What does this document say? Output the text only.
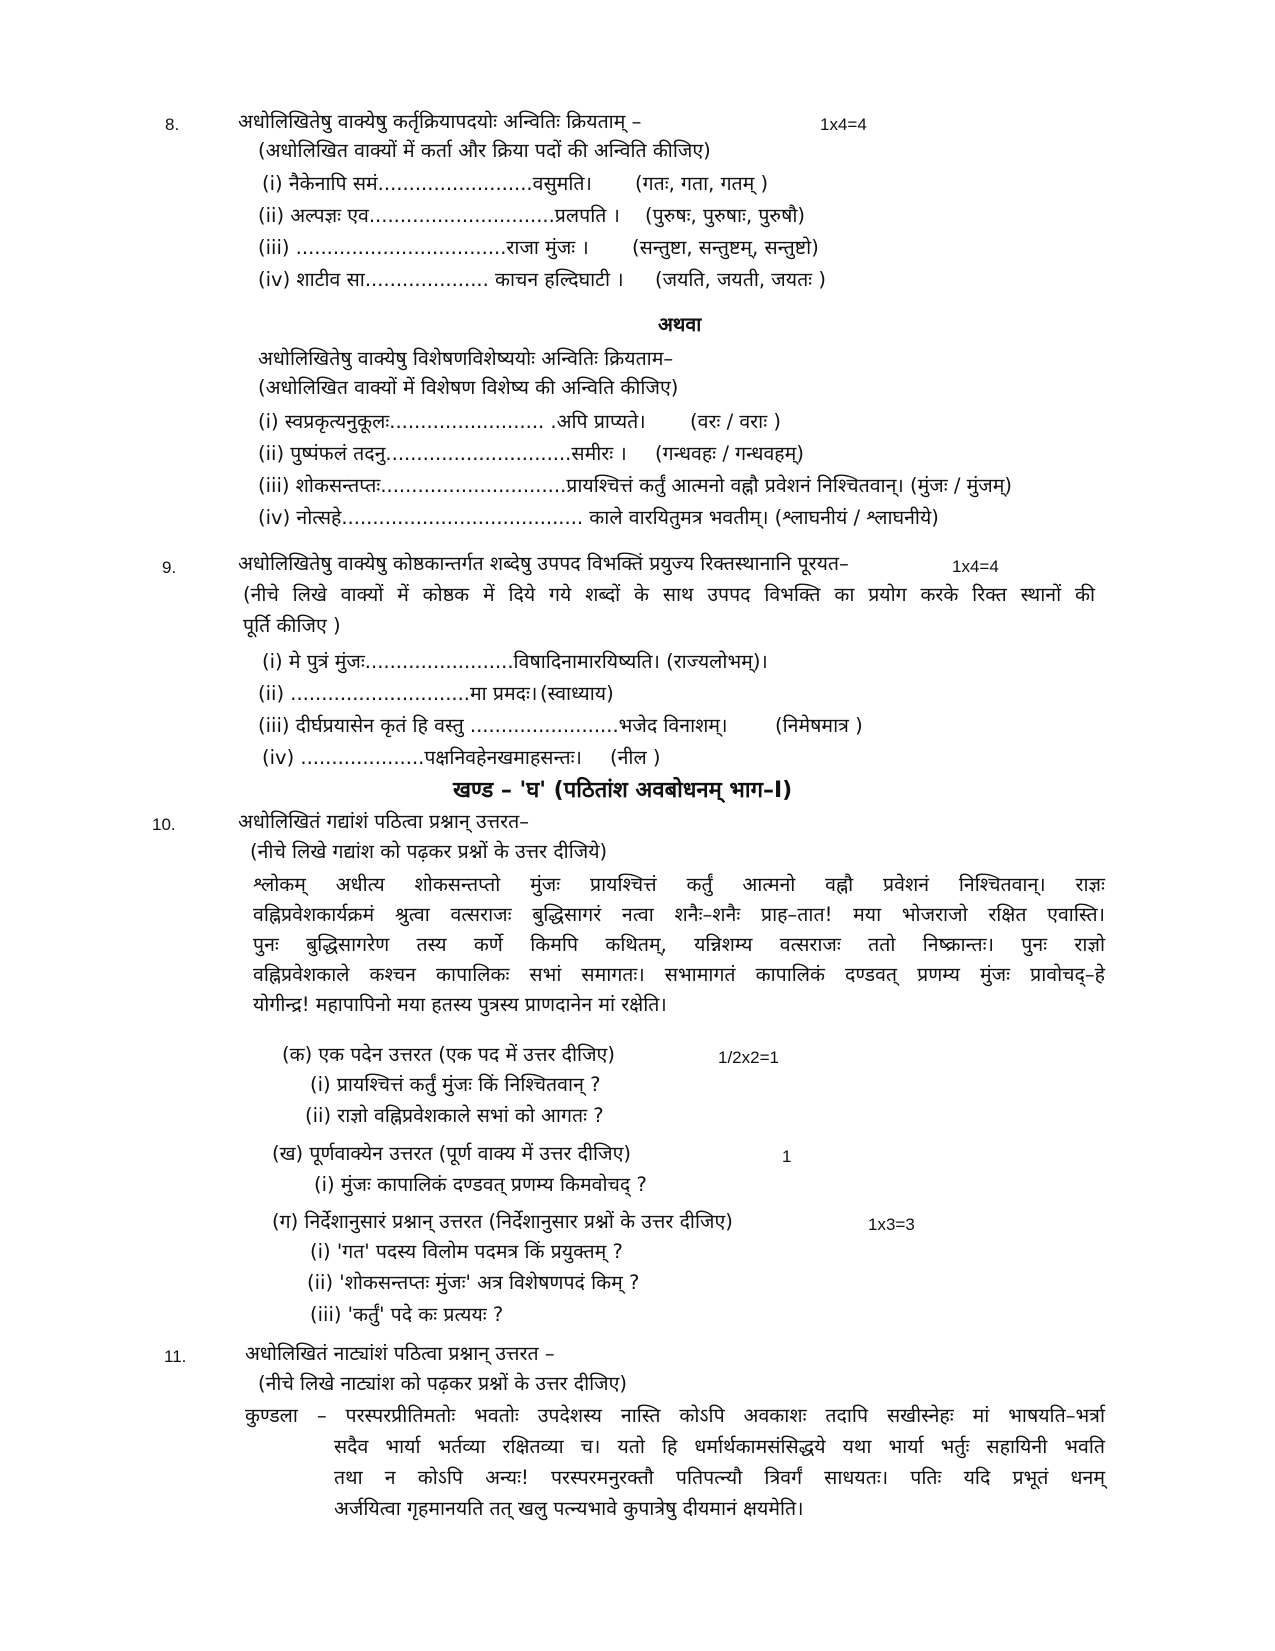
8.	अधोलिखितेषु वाक्येषु कर्तृक्रियापदयोः अन्वितिः क्रियताम् –	1x4=4
(अधोलिखित वाक्यों में कर्ता और क्रिया पदों की अन्विति कीजिए)
(i) नैकेनापि समं.........................वसुमति। (गतः, गता, गतम् )
(ii) अल्पज्ञः एव..............................प्रलपति । (पुरुषः, पुरुषाः, पुरुषौ)
(iii) ..................................राजा मुंजः । (सन्तुष्टा, सन्तुष्टम्, सन्तुष्टो)
(iv) शाटीव सा.................... काचन हल्दिघाटी । (जयति, जयती, जयतः )
अथवा
अधोलिखितेषु वाक्येषु विशेषणविशेष्ययोः अन्वितिः क्रियताम–
(अधोलिखित वाक्यों में विशेषण विशेष्य की अन्विति कीजिए)
(i) स्वप्रकृत्यनुकूलः......................... .अपि प्राप्यते। (वरः / वराः )
(ii) पुष्पंफलं तदनु..............................समीरः । (गन्धवहः / गन्धवहम्)
(iii) शोकसन्तप्तः..............................प्रायश्चित्तं कर्तुं आत्मनो वह्नौ प्रवेशनं निश्चितवान्। (मुंजः / मुंजम्)
(iv) नोत्सहे....................................... काले वारयितुमत्र भवतीम्। (श्लाघनीयं / श्लाघनीये)
9.	अधोलिखितेषु वाक्येषु कोष्ठकान्तर्गत शब्देषु उपपद विभक्तिं प्रयुज्य रिक्तस्थानानि पूरयत–	1x4=4
(नीचे लिखे वाक्यों में कोष्ठक में दिये गये शब्दों के साथ उपपद विभक्ति का प्रयोग करके रिक्त स्थानों की
पूर्ति कीजिए )
(i) मे पुत्रं मुंजः........................विषादिनामारयिष्यति। (राज्यलोभम्)।
(ii) .............................मा प्रमदः। (स्वाध्याय)
(iii) दीर्घप्रयासेन कृतं हि वस्तु ........................भजेद विनाशम्। (निमेषमात्र )
(iv) ....................पक्षनिवहेनखमाहसन्तः। (नील )
खण्ड – 'घ' (पठितांश अवबोधनम् भाग–I)
10.	अधोलिखितं गद्यांशं पठित्वा प्रश्नान् उत्तरत–
(नीचे लिखे गद्यांश को पढ़कर प्रश्नों के उत्तर दीजिये)
श्लोकम् अधीत्य शोकसन्तप्तो मुंजः प्रायश्चित्तं कर्तुं आत्मनो वह्नौ प्रवेशनं निश्चितवान्। राज्ञः
वह्निप्रवेशकार्यक्रमं श्रुत्वा वत्सराजः बुद्धिसागरं नत्वा शनैः–शनैः प्राह–तात! मया भोजराजो रक्षित एवास्ति।
पुनः बुद्धिसागरेण तस्य कर्णे किमपि कथितम्, यन्निशम्य वत्सराजः ततो निष्क्रान्तः। पुनः राज्ञो
वह्निप्रवेशकाले कश्चन कापालिकः सभां समागतः। सभामागतं कापालिकं दण्डवत् प्रणम्य मुंजः प्रावोचद्–हे
योगीन्द्र! महापापिनो मया हतस्य पुत्रस्य प्राणदानेन मां रक्षेति।
(क) एक पदेन उत्तरत (एक पद में उत्तर दीजिए)	1/2x2=1
(i) प्रायश्चित्तं कर्तुं मुंजः किं निश्चितवान् ?
(ii) राज्ञो वह्निप्रवेशकाले सभां को आगतः ?
(ख) पूर्णवाक्येन उत्तरत (पूर्ण वाक्य में उत्तर दीजिए)	1
(i) मुंजः कापालिकं दण्डवत् प्रणम्य किमवोचद् ?
(ग) निर्देशानुसारं प्रश्नान् उत्तरत (निर्देशानुसार प्रश्नों के उत्तर दीजिए)	1x3=3
(i) 'गत' पदस्य विलोम पदमत्र किं प्रयुक्तम् ?
(ii) 'शोकसन्तप्तः मुंजः' अत्र विशेषणपदं किम् ?
(iii) 'कर्तुं' पदे कः प्रत्ययः ?
11.	अधोलिखितं नाट्यांशं पठित्वा प्रश्नान् उत्तरत –
(नीचे लिखे नाट्यांश को पढ़कर प्रश्नों के उत्तर दीजिए)
कुण्डला – परस्परप्रीतिमतोः भवतोः उपदेशस्य नास्ति कोऽपि अवकाशः तदापि सखीस्नेहः मां भाषयति–भर्त्रा
सदैव भार्या भर्तव्या रक्षितव्या च। यतो हि धर्मार्थकामसंसिद्धये यथा भार्या भर्तुः सहायिनी भवति
तथा न कोऽपि अन्यः! परस्परमनुरक्तौ पतिपत्न्यौ त्रिवर्गं साधयतः। पतिः यदि प्रभूतं धनम्
अर्जयित्वा गृहमानयति तत् खलु पत्न्यभावे कुपात्रेषु दीयमानं क्षयमेति।
